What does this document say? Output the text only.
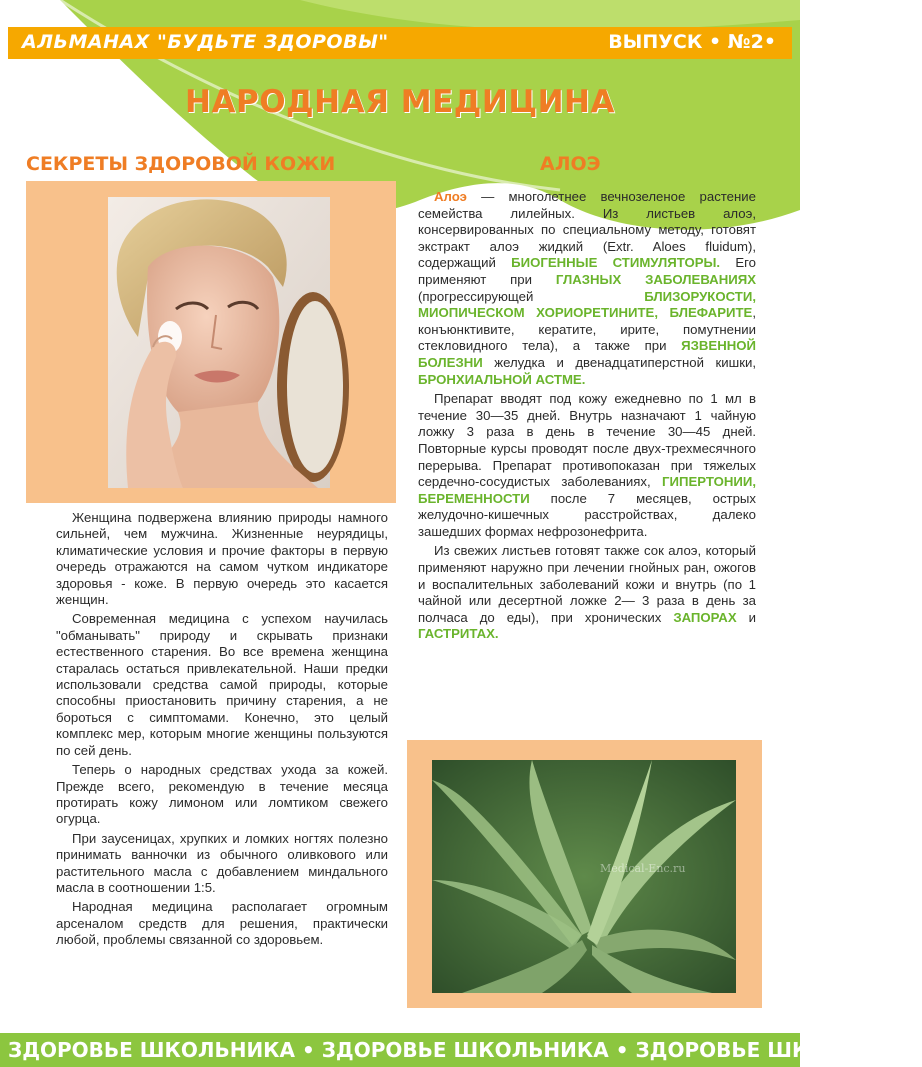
АЛЬМАНАХ "БУДЬТЕ ЗДОРОВЫ"	ВЫПУСК • №2•
НАРОДНАЯ МЕДИЦИНА
СЕКРЕТЫ ЗДОРОВОЙ КОЖИ	АЛОЭ

Женщина подвержена влиянию природы намного сильней, чем мужчина. Жизненные неурядицы, климатические условия и прочие факторы в первую очередь отражаются на самом чутком индикаторе здоровья - коже. В первую очередь это касается женщин.

Современная медицина с успехом научилась "обманывать" природу и скрывать признаки естественного старения. Во все времена женщина старалась остаться привлекательной. Наши предки использовали средства самой природы, которые способны приостановить причину старения, а не бороться с симптомами. Конечно, это целый комплекс мер, которым многие женщины пользуются по сей день.

Теперь о народных средствах ухода за кожей. Прежде всего, рекомендую в течение месяца протирать кожу лимоном или ломтиком свежего огурца.

При заусеницах, хрупких и ломких ногтях полезно принимать ванночки из обычного оливкового или растительного масла с добавлением миндального масла в соотношении 1:5.

Народная медицина располагает огромным арсеналом средств для решения, практически любой, проблемы связанной со здоровьем.

Алоэ — многолетнее вечнозеленое растение семейства лилейных. Из листьев алоэ, консервированных по специальному методу, готовят экстракт алоэ жидкий (Extr. Aloes fluidum), содержащий БИОГЕННЫЕ СТИМУЛЯТОРЫ. Его применяют при ГЛАЗНЫХ ЗАБОЛЕВАНИЯХ (прогрессирующей БЛИЗОРУКОСТИ, МИОПИЧЕСКОМ ХОРИОРЕТИНИТЕ, БЛЕФАРИТЕ, конъюнктивите, кератите, ирите, помутнении стекловидного тела), а также при ЯЗВЕННОЙ БОЛЕЗНИ желудка и двенадцатиперстной кишки, БРОНХИАЛЬНОЙ АСТМЕ.

Препарат вводят под кожу ежедневно по 1 мл в течение 30—35 дней. Внутрь назначают 1 чайную ложку 3 раза в день в течение 30—45 дней. Повторные курсы проводят после двух-трехмесячного перерыва. Препарат противопоказан при тяжелых сердечно-сосудистых заболеваниях, ГИПЕРТОНИИ, БЕРЕМЕННОСТИ после 7 месяцев, острых желудочно-кишечных расстройствах, далеко зашедших формах нефрозонефрита.

Из свежих листьев готовят также сок алоэ, который применяют наружно при лечении гнойных ран, ожогов и воспалительных заболеваний кожи и внутрь (по 1 чайной или десертной ложке 2— 3 раза в день за полчаса до еды), при хронических ЗАПОРАХ и ГАСТРИТАХ.

Medical-Enc.ru
ЗДОРОВЬЕ ШКОЛЬНИКА • ЗДОРОВЬЕ ШКОЛЬНИКА • ЗДОРОВЬЕ ШКОЛЬНИКА
